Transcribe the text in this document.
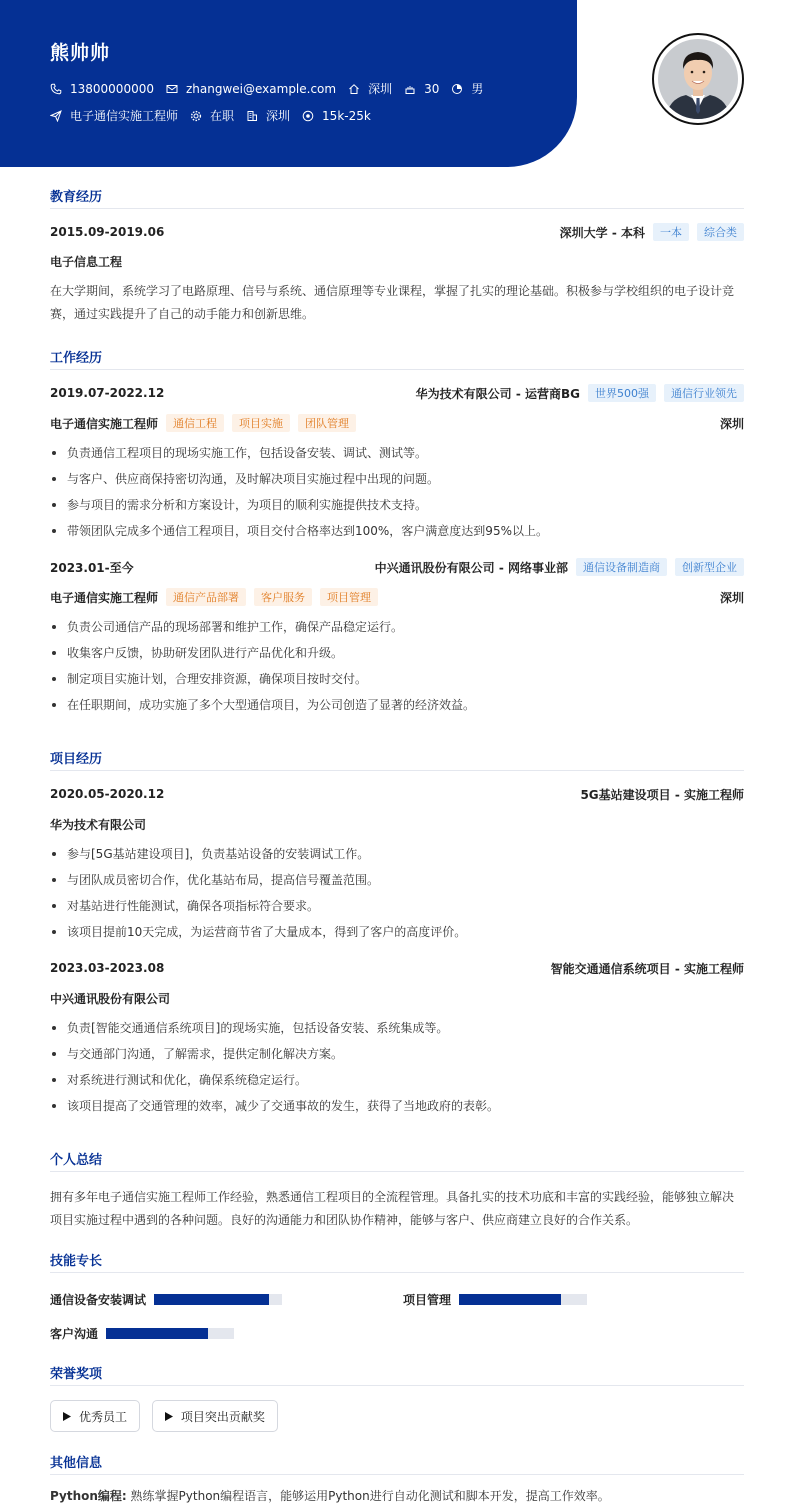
熊帅帅
13800000000	zhangwei@example.com	深圳	30	男
电子通信实施工程师	在职	深圳	15k-25k
教育经历
2015.09-2019.06	深圳大学 - 本科	一本	综合类
电子信息工程
在大学期间，系统学习了电路原理、信号与系统、通信原理等专业课程，掌握了扎实的理论基础。积极参与学校组织的电子设计竞赛，通过实践提升了自己的动手能力和创新思维。
工作经历
2019.07-2022.12	华为技术有限公司 - 运营商BG	世界500强	通信行业领先
电子通信实施工程师	通信工程	项目实施	团队管理	深圳
负责通信工程项目的现场实施工作，包括设备安装、调试、测试等。
与客户、供应商保持密切沟通，及时解决项目实施过程中出现的问题。
参与项目的需求分析和方案设计，为项目的顺利实施提供技术支持。
带领团队完成多个通信工程项目，项目交付合格率达到100%，客户满意度达到95%以上。
2023.01-至今	中兴通讯股份有限公司 - 网络事业部	通信设备制造商	创新型企业
电子通信实施工程师	通信产品部署	客户服务	项目管理	深圳
负责公司通信产品的现场部署和维护工作，确保产品稳定运行。
收集客户反馈，协助研发团队进行产品优化和升级。
制定项目实施计划，合理安排资源，确保项目按时交付。
在任职期间，成功实施了多个大型通信项目，为公司创造了显著的经济效益。
项目经历
2020.05-2020.12	5G基站建设项目 - 实施工程师
华为技术有限公司
参与[5G基站建设项目]，负责基站设备的安装调试工作。
与团队成员密切合作，优化基站布局，提高信号覆盖范围。
对基站进行性能测试，确保各项指标符合要求。
该项目提前10天完成，为运营商节省了大量成本，得到了客户的高度评价。
2023.03-2023.08	智能交通通信系统项目 - 实施工程师
中兴通讯股份有限公司
负责[智能交通通信系统项目]的现场实施，包括设备安装、系统集成等。
与交通部门沟通，了解需求，提供定制化解决方案。
对系统进行测试和优化，确保系统稳定运行。
该项目提高了交通管理的效率，减少了交通事故的发生，获得了当地政府的表彰。
个人总结
拥有多年电子通信实施工程师工作经验，熟悉通信工程项目的全流程管理。具备扎实的技术功底和丰富的实践经验，能够独立解决项目实施过程中遇到的各种问题。良好的沟通能力和团队协作精神，能够与客户、供应商建立良好的合作关系。
技能专长
通信设备安装调试	项目管理
客户沟通
荣誉奖项
优秀员工
	项目突出贡献奖
其他信息
Python编程: 熟练掌握Python编程语言，能够运用Python进行自动化测试和脚本开发，提高工作效率。
